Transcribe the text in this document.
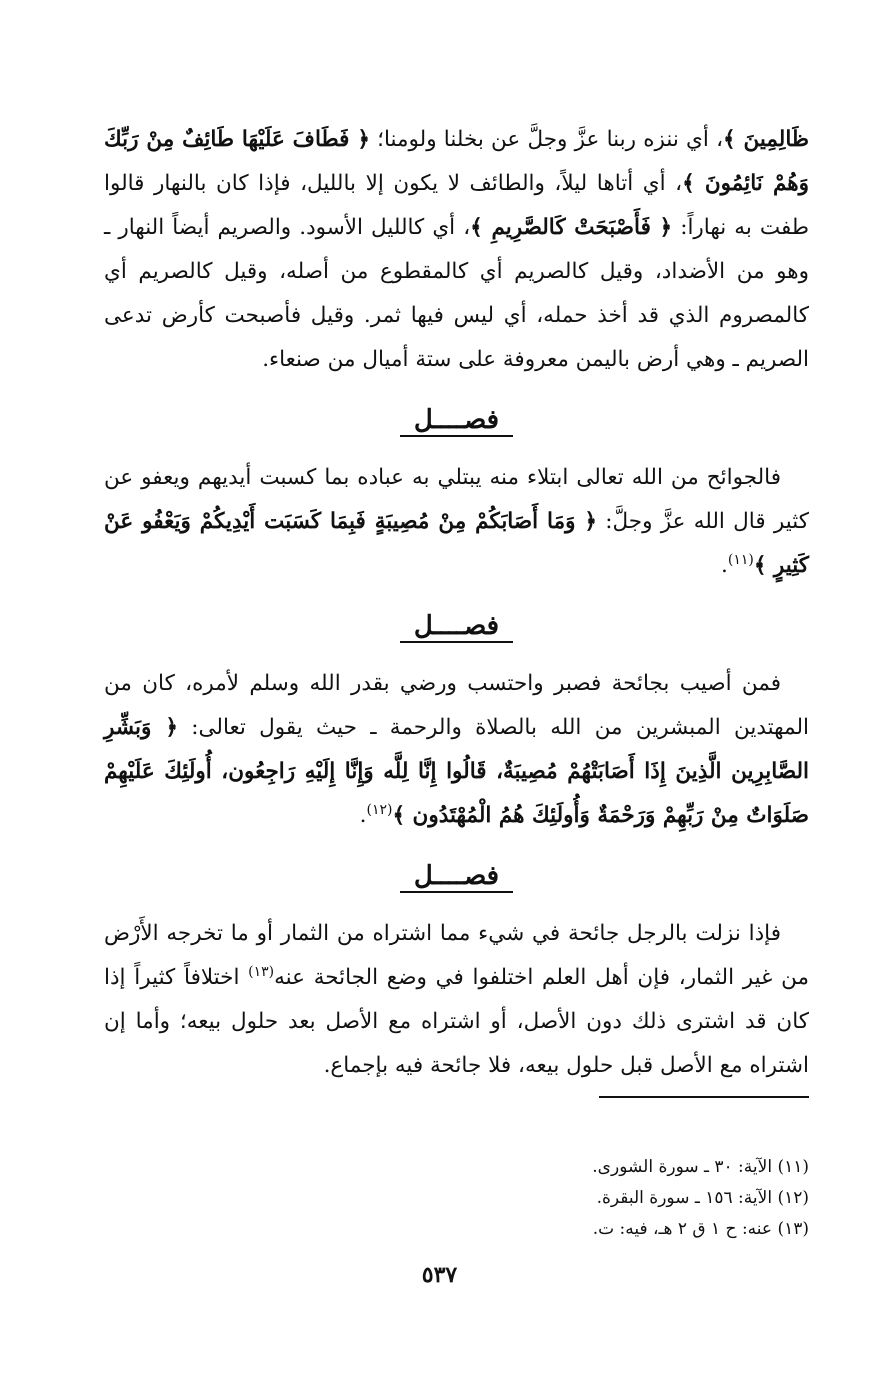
ظَالِمِينَ ﴾، أي ننزه ربنا عزَّ وجلَّ عن بخلنا ولومنا؛ ﴿ فَطَافَ عَلَيْهَا طَائِفٌ مِنْ رَبِّكَ وَهُمْ نَائِمُونَ ﴾، أي أتاها ليلاً، والطائف لا يكون إلا بالليل، فإذا كان بالنهار قالوا طفت به نهاراً: ﴿ فَأَصْبَحَتْ كَالصَّرِيمِ ﴾، أي كالليل الأسود. والصريم أيضاً النهار ـ وهو من الأضداد، وقيل كالصريم أي كالمقطوع من أصله، وقيل كالصريم أي كالمصروم الذي قد أخذ حمله، أي ليس فيها ثمر. وقيل فأصبحت كأرض تدعى الصريم ـ وهي أرض باليمن معروفة على ستة أميال من صنعاء.

فصــــل

فالجوائح من الله تعالى ابتلاء منه يبتلي به عباده بما كسبت أيديهم ويعفو عن كثير قال الله عزَّ وجلَّ: ﴿ وَمَا أَصَابَكُمْ مِنْ مُصِيبَةٍ فَبِمَا كَسَبَت أَيْدِيكُمْ وَيَعْفُو عَنْ كَثِيرٍ ﴾$^{(١١)}$.

فصــــل

فمن أصيب بجائحة فصبر واحتسب ورضي بقدر الله وسلم لأمره، كان من المهتدين المبشرين من الله بالصلاة والرحمة ـ حيث يقول تعالى: ﴿ وَبَشِّرِ الصَّابِرِين الَّذِينَ إِذَا أَصَابَتْهُمْ مُصِيبَةٌ، قَالُوا إِنَّا لِلَّه وَإِنَّا إِلَيْهِ رَاجِعُون، أُولَئِكَ عَلَيْهِمْ صَلَوَاتٌ مِنْ رَبِّهِمْ وَرَحْمَةٌ وَأُولَئِكَ هُمُ الْمُهْتَدُون ﴾$^{(١٢)}$.

فصــــل

فإذا نزلت بالرجل جائحة في شيء مما اشتراه من الثمار أو ما تخرجه الأَرْض من غير الثمار، فإن أهل العلم اختلفوا في وضع الجائحة عنه$^{(١٣)}$ اختلافاً كثيراً إذا كان قد اشترى ذلك دون الأصل، أو اشتراه مع الأصل بعد حلول بيعه؛ وأما إن اشتراه مع الأصل قبل حلول بيعه، فلا جائحة فيه بإجماع.

(١١) الآية: ٣٠ ـ سورة الشورى.

(١٢) الآية: ١٥٦ ـ سورة البقرة.

(١٣) عنه: ح ١ ق ٢ هـ، فيه: ت.

٥٣٧
